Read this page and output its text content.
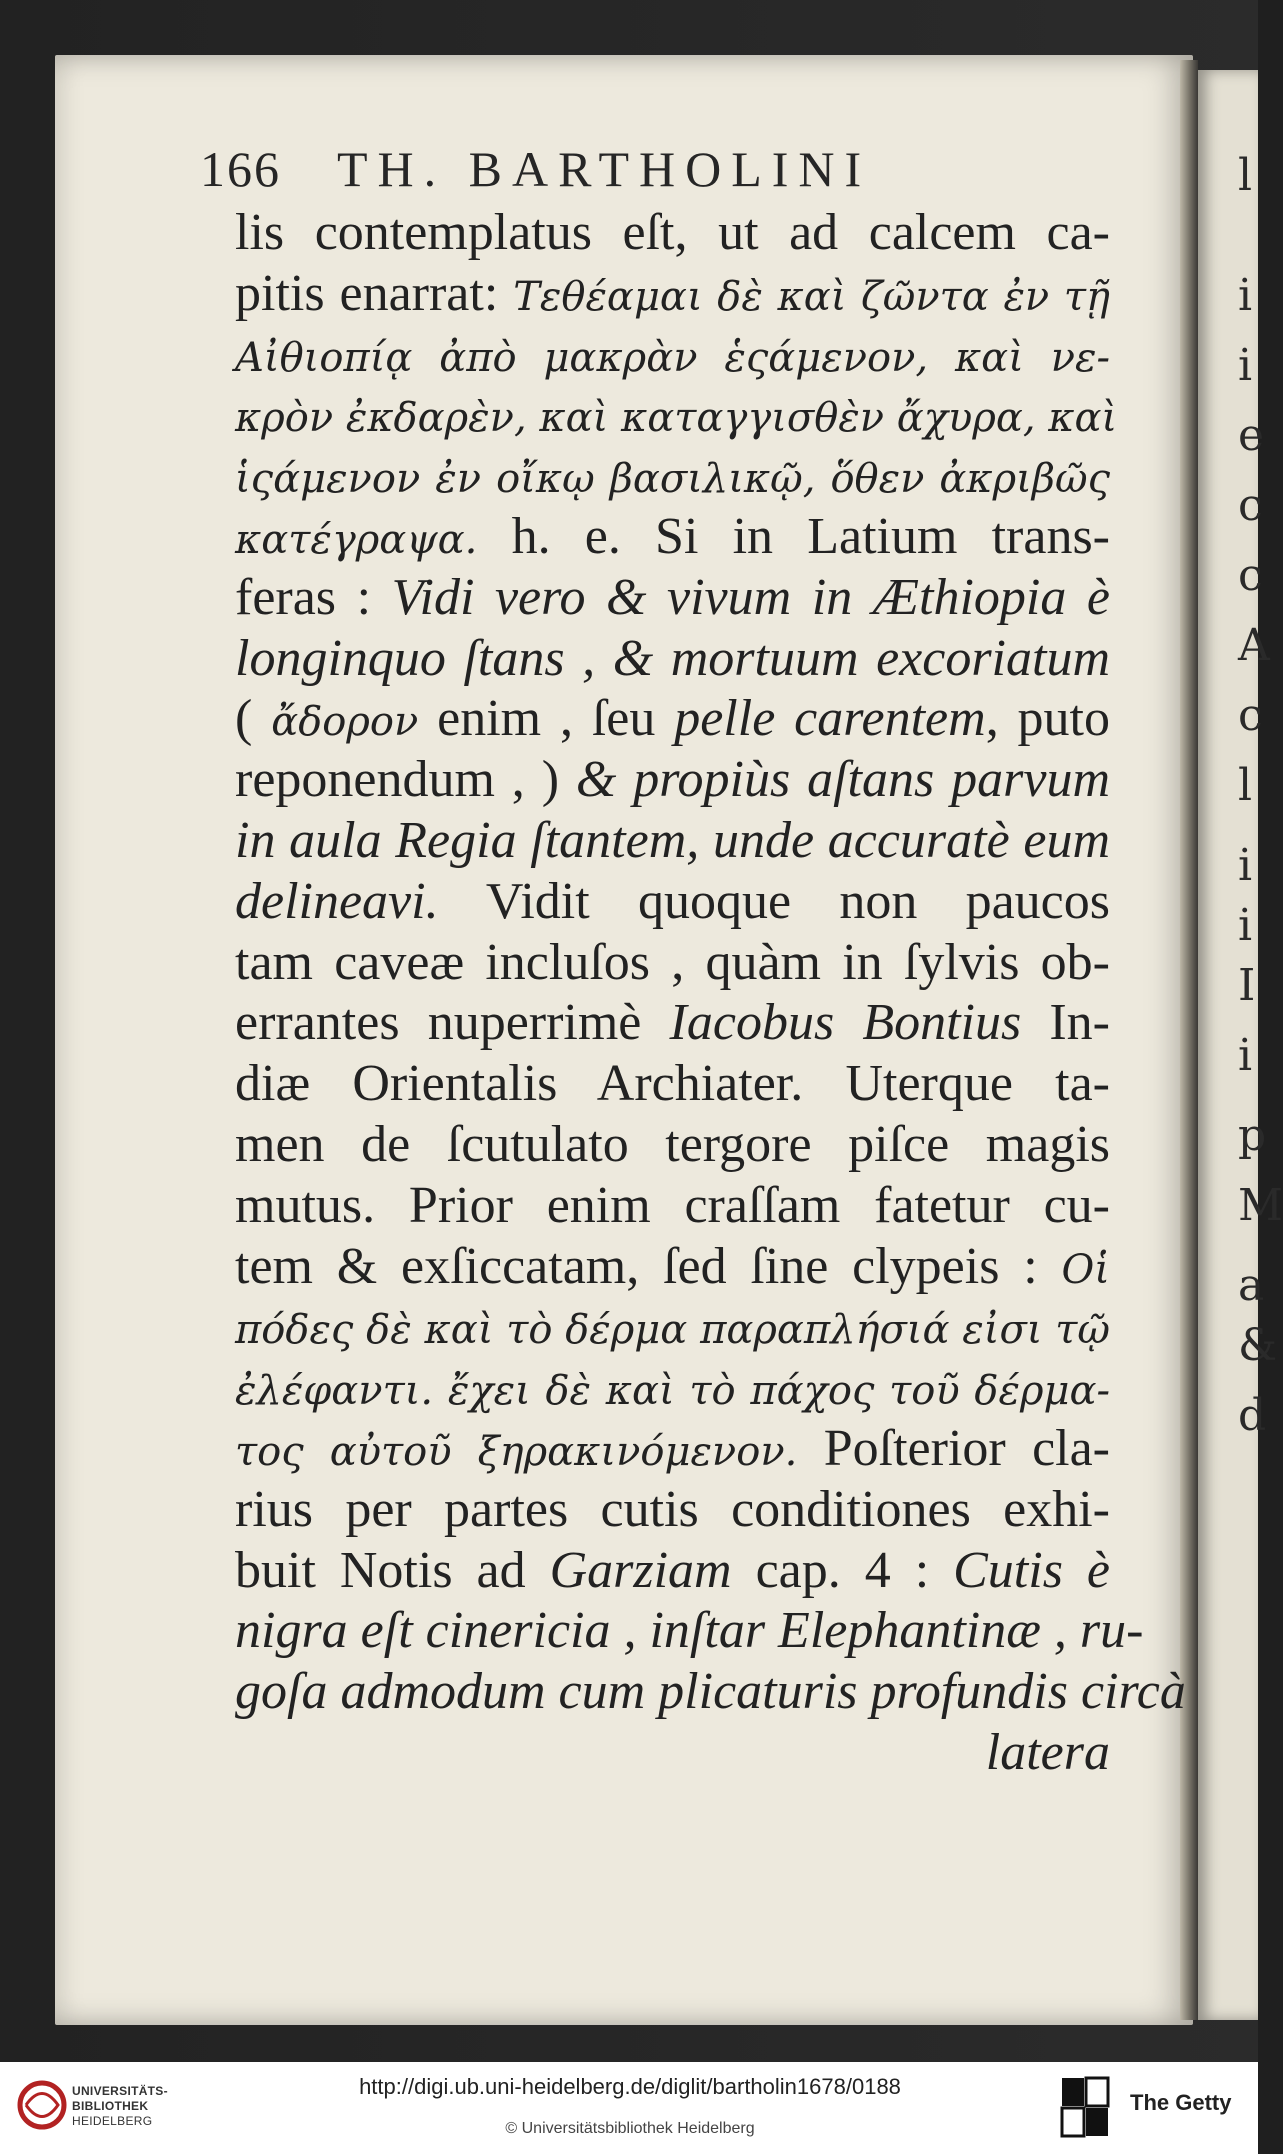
l
i
i
e
c
c
A
c
l
i
i
I
i
p
M
a
&
d
166 TH. BARTHOLINI
lis contemplatus eſt, ut ad calcem ca-
pitis enarrat: Τεθέαμαι δὲ καὶ ζῶντα ἐν τῇ
Αἰθιοπίᾳ ἀπὸ μακρὰν ἑςάμενον, καὶ νε-
κρὸν ἐκδαρὲν, καὶ καταγγισθὲν ἄχυρα, καὶ
ἱςάμενον ἐν οἴκῳ βασιλικῷ, ὅθεν ἀκριβῶς
κατέγραψα. h. e. Si in Latium trans-
feras : Vidi vero & vivum in Æthiopia è
longinquo ſtans , & mortuum excoriatum
( ἄδορον enim , ſeu pelle carentem, puto
reponendum , ) & propiùs aſtans parvum
in aula Regia ſtantem, unde accuratè eum
delineavi. Vidit quoque non paucos
tam caveæ incluſos , quàm in ſylvis ob-
errantes nuperrimè Iacobus Bontius In-
diæ Orientalis Archiater. Uterque ta-
men de ſcutulato tergore piſce magis
mutus. Prior enim craſſam fatetur cu-
tem & exſiccatam, ſed ſine clypeis : Οἱ
πόδες δὲ καὶ τὸ δέρμα παραπλήσιά εἰσι τῷ
ἐλέφαντι. ἔχει δὲ καὶ τὸ πάχος τοῦ δέρμα-
τος αὐτοῦ ξηρακινόμενον. Poſterior cla-
rius per partes cutis conditiones exhi-
buit Notis ad Garziam cap. 4 : Cutis è
nigra eſt cinericia , inſtar Elephantinæ , ru-
goſa admodum cum plicaturis profundis circà
latera
UNIVERSITÄTS-
BIBLIOTHEK
HEIDELBERG
http://digi.ub.uni-heidelberg.de/diglit/bartholin1678/0188
© Universitätsbibliothek Heidelberg
The Getty
